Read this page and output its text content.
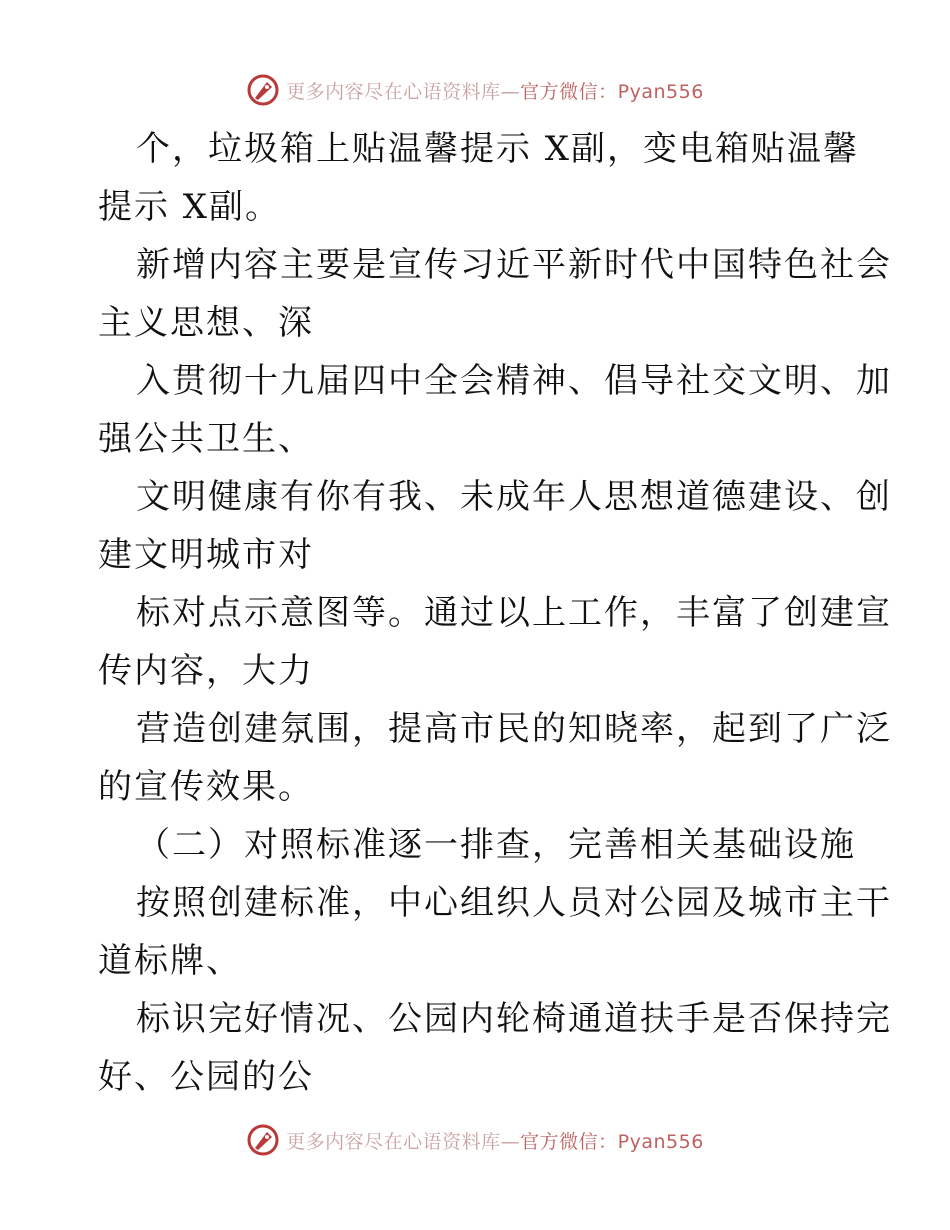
更多内容尽在心语资料库—官方微信：Pyan556
个，垃圾箱上贴温馨提示 X副，变电箱贴温馨
提示 X副。
新增内容主要是宣传习近平新时代中国特色社会
主义思想、深
入贯彻十九届四中全会精神、倡导社交文明、加
强公共卫生、
文明健康有你有我、未成年人思想道德建设、创
建文明城市对
标对点示意图等。通过以上工作，丰富了创建宣
传内容，大力
营造创建氛围，提高市民的知晓率，起到了广泛
的宣传效果。
（二）对照标准逐一排查，完善相关基础设施
按照创建标准，中心组织人员对公园及城市主干
道标牌、
标识完好情况、公园内轮椅通道扶手是否保持完
好、公园的公
更多内容尽在心语资料库—官方微信：Pyan556
